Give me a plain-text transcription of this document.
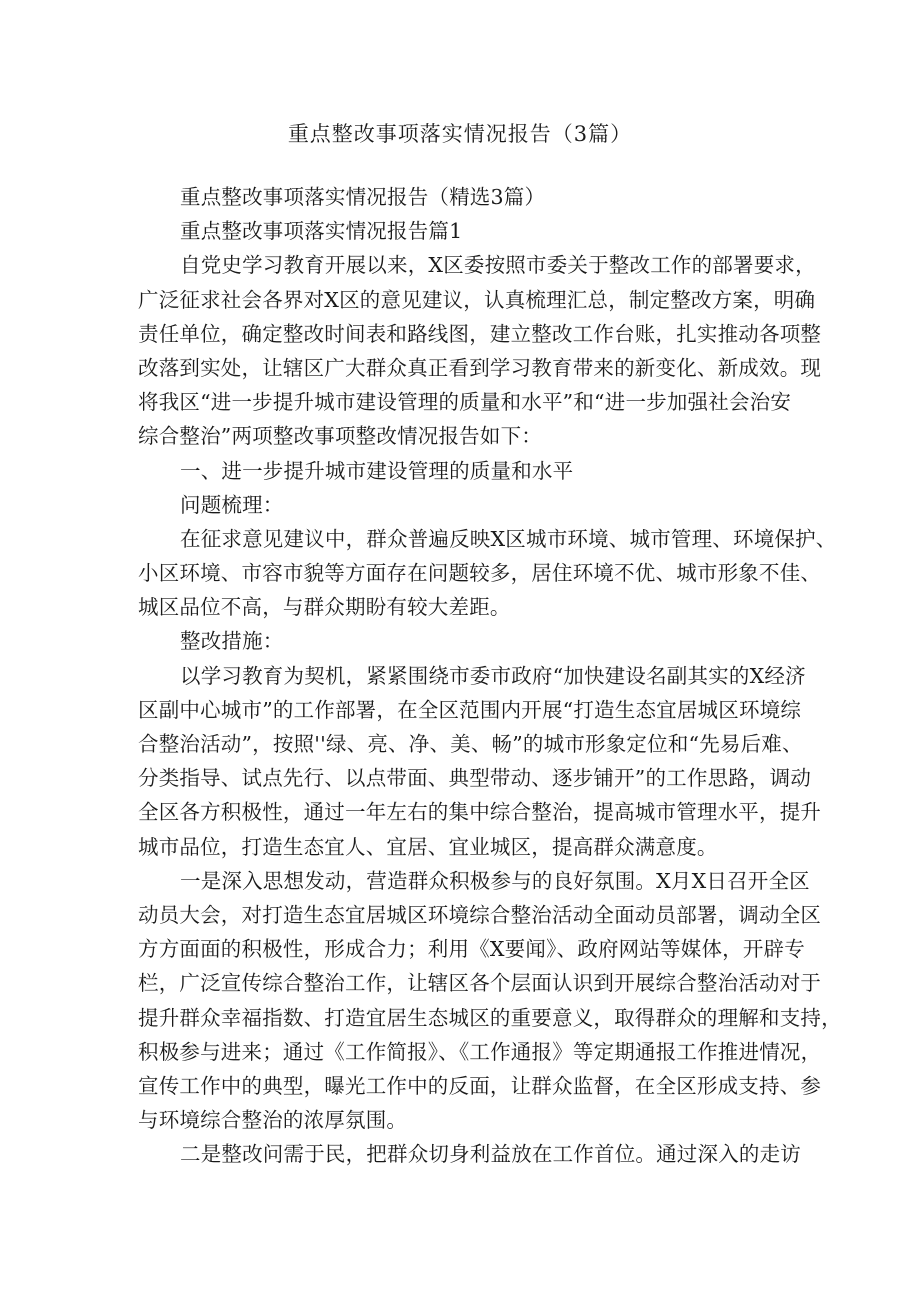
重点整改事项落实情况报告（3篇）

重点整改事项落实情况报告（精选3篇）

重点整改事项落实情况报告篇1

自党史学习教育开展以来，X区委按照市委关于整改工作的部署要求，

广泛征求社会各界对X区的意见建议，认真梳理汇总，制定整改方案，明确

责任单位，确定整改时间表和路线图，建立整改工作台账，扎实推动各项整

改落到实处，让辖区广大群众真正看到学习教育带来的新变化、新成效。现

将我区“进一步提升城市建设管理的质量和水平”和“进一步加强社会治安

综合整治”两项整改事项整改情况报告如下：

一、进一步提升城市建设管理的质量和水平

问题梳理：

在征求意见建议中，群众普遍反映X区城市环境、城市管理、环境保护、

小区环境、市容市貌等方面存在问题较多，居住环境不优、城市形象不佳、

城区品位不高，与群众期盼有较大差距。

整改措施：

以学习教育为契机，紧紧围绕市委市政府“加快建设名副其实的X经济

区副中心城市”的工作部署，在全区范围内开展“打造生态宜居城区环境综

合整治活动”，按照''绿、亮、净、美、畅”的城市形象定位和“先易后难、

分类指导、试点先行、以点带面、典型带动、逐步铺开”的工作思路，调动

全区各方积极性，通过一年左右的集中综合整治，提高城市管理水平，提升

城市品位，打造生态宜人、宜居、宜业城区，提高群众满意度。

一是深入思想发动，营造群众积极参与的良好氛围。X月X日召开全区

动员大会，对打造生态宜居城区环境综合整治活动全面动员部署，调动全区

方方面面的积极性，形成合力；利用《X要闻》、政府网站等媒体，开辟专

栏，广泛宣传综合整治工作，让辖区各个层面认识到开展综合整治活动对于

提升群众幸福指数、打造宜居生态城区的重要意义，取得群众的理解和支持，

积极参与进来；通过《工作简报》、《工作通报》等定期通报工作推进情况，

宣传工作中的典型，曝光工作中的反面，让群众监督，在全区形成支持、参

与环境综合整治的浓厚氛围。

二是整改问需于民，把群众切身利益放在工作首位。通过深入的走访
